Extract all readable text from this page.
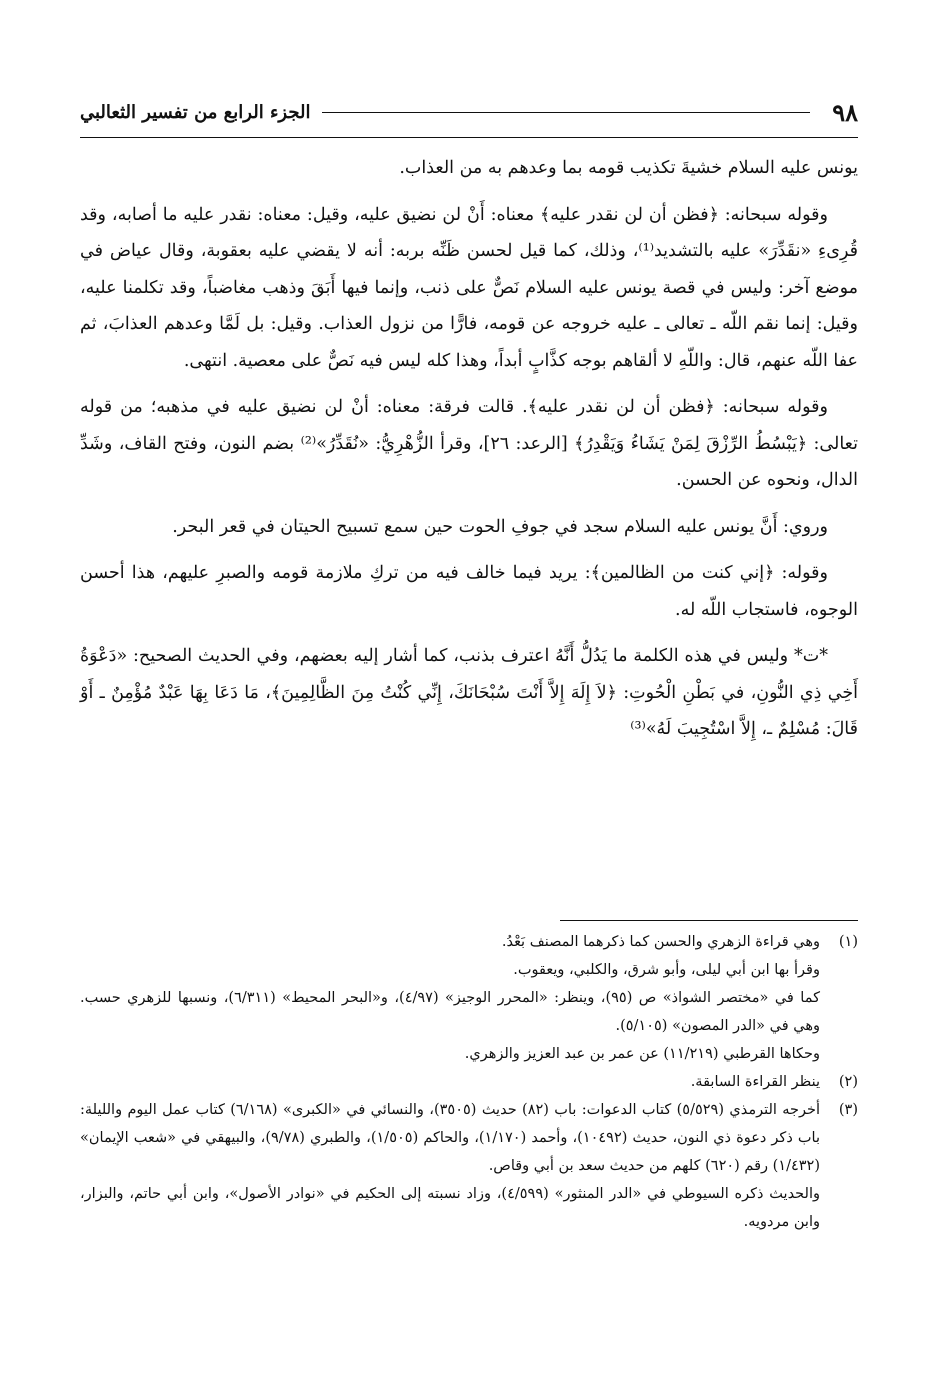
٩٨
الجزء الرابع من تفسير الثعالبي

يونس عليه السلام خشيةَ تكذيب قومه بما وعدهم به من العذاب.

وقوله سبحانه: ﴿فظن أن لن نقدر عليه﴾ معناه: أَنْ لن نضيق عليه، وقيل: معناه: نقدر عليه ما أصابه، وقد قُرِىءِ «نقَدِّرَ» عليه بالتشديد⁽¹⁾، وذلك، كما قيل لحسن ظَنِّه بربه: أنه لا يقضي عليه بعقوبة، وقال عياض في موضع آخر: وليس في قصة يونس عليه السلام نَصٌّ على ذنب، وإنما فيها أَبَقَ وذهب مغاضباً، وقد تكلمنا عليه، وقيل: إنما نقم اللّه ـ تعالى ـ عليه خروجه عن قومه، فارًّا من نزول العذاب. وقيل: بل لَمَّا وعدهم العذابَ، ثم عفا اللّه عنهم، قال: واللّهِ لا ألقاهم بوجه كذَّابٍ أبداً، وهذا كله ليس فيه نَصٌّ على معصية. انتهى.

وقوله سبحانه: ﴿فظن أن لن نقدر عليه﴾. قالت فرقة: معناه: أنْ لن نضيق عليه في مذهبه؛ من قوله تعالى: ﴿يَبْسُطُ الرِّزْقَ لِمَنْ يَشَاءُ وَيَقْدِرُ﴾ [الرعد: ٢٦]، وقرأ الزُّهْرِيُّ: «نُقَدِّرُ»⁽²⁾ بضم النون، وفتح القاف، وشَدِّ الدال، ونحوه عن الحسن.

وروي: أَنَّ يونس عليه السلام سجد في جوفِ الحوت حين سمع تسبيح الحيتان في قعر البحر.

وقوله: ﴿إني كنت من الظالمين﴾: يريد فيما خالف فيه من تركِ ملازمة قومه والصبرِ عليهم، هذا أحسن الوجوه، فاستجاب اللّه له.

*ت* وليس في هذه الكلمة ما يَدُلُّ أَنَّهُ اعترف بذنب، كما أشار إليه بعضهم، وفي الحديث الصحيح: «دَعْوَةُ أَخِي ذِي النُّونِ، في بَطْنِ الْحُوتِ: ﴿لاَ إِلَهَ إِلاَّ أَنْتَ سُبْحَانَكَ، إِنِّي كُنْتُ مِنَ الظَّالِمِينَ﴾، مَا دَعَا بِهَا عَبْدٌ مُؤْمِنٌ ـ أَوْ قَالَ: مُسْلِمٌ ـ، إِلاَّ اسْتُجِيبَ لَهُ»⁽³⁾

(١)
وهي قراءة الزهري والحسن كما ذكرهما المصنف بَعْدُ.
وقرأ بها ابن أبي ليلى، وأبو شرق، والكلبي، ويعقوب.
كما في «مختصر الشواذ» ص (٩٥)، وينظر: «المحرر الوجيز» (٤/٩٧)، و«البحر المحيط» (٦/٣١١)، ونسبها للزهري حسب. وهي في «الدر المصون» (٥/١٠٥).
وحكاها القرطبي (١١/٢١٩) عن عمر بن عبد العزيز والزهري.
(٢)
ينظر القراءة السابقة.
(٣)
أخرجه الترمذي (٥/٥٢٩) كتاب الدعوات: باب (٨٢) حديث (٣٥٠٥)، والنسائي في «الكبرى» (٦/١٦٨) كتاب عمل اليوم والليلة: باب ذكر دعوة ذي النون، حديث (١٠٤٩٢)، وأحمد (١/١٧٠)، والحاكم (١/٥٠٥)، والطبري (٩/٧٨)، والبيهقي في «شعب الإيمان» (١/٤٣٢) رقم (٦٢٠) كلهم من حديث سعد بن أبي وقاص.
والحديث ذكره السيوطي في «الدر المنثور» (٤/٥٩٩)، وزاد نسبته إلى الحكيم في «نوادر الأصول»، وابن أبي حاتم، والبزار، وابن مردويه.
